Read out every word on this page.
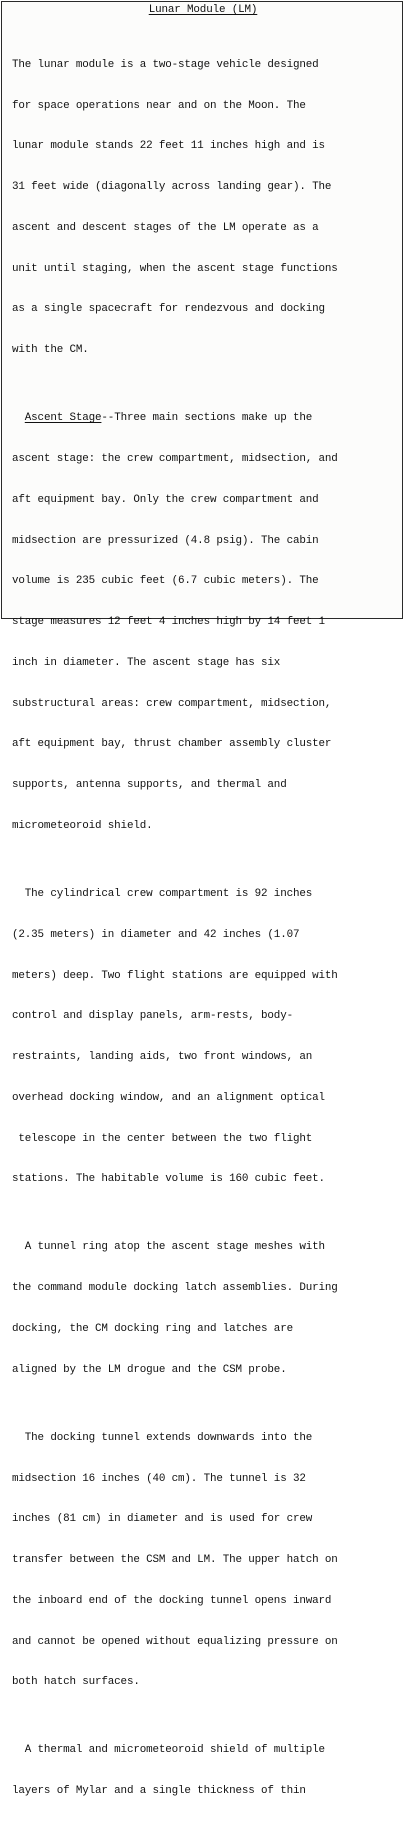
Lunar Module (LM)

The lunar module is a two-stage vehicle designed

for space operations near and on the Moon. The

lunar module stands 22 feet 11 inches high and is

31 feet wide (diagonally across landing gear). The

ascent and descent stages of the LM operate as a

unit until staging, when the ascent stage functions

as a single spacecraft for rendezvous and docking

with the CM.

Ascent Stage--Three main sections make up the

ascent stage: the crew compartment, midsection, and

aft equipment bay. Only the crew compartment and

midsection are pressurized (4.8 psig). The cabin

volume is 235 cubic feet (6.7 cubic meters). The

stage measures 12 feet 4 inches high by 14 feet 1

inch in diameter. The ascent stage has six

substructural areas: crew compartment, midsection,

aft equipment bay, thrust chamber assembly cluster

supports, antenna supports, and thermal and

micrometeoroid shield.

The cylindrical crew compartment is 92 inches

(2.35 meters) in diameter and 42 inches (1.07

meters) deep. Two flight stations are equipped with

control and display panels, arm-rests, body-

restraints, landing aids, two front windows, an

overhead docking window, and an alignment optical

telescope in the center between the two flight

stations. The habitable volume is 160 cubic feet.

A tunnel ring atop the ascent stage meshes with

the command module docking latch assemblies. During

docking, the CM docking ring and latches are

aligned by the LM drogue and the CSM probe.

The docking tunnel extends downwards into the

midsection 16 inches (40 cm). The tunnel is 32

inches (81 cm) in diameter and is used for crew

transfer between the CSM and LM. The upper hatch on

the inboard end of the docking tunnel opens inward

and cannot be opened without equalizing pressure on

both hatch surfaces.

A thermal and micrometeoroid shield of multiple

layers of Mylar and a single thickness of thin
